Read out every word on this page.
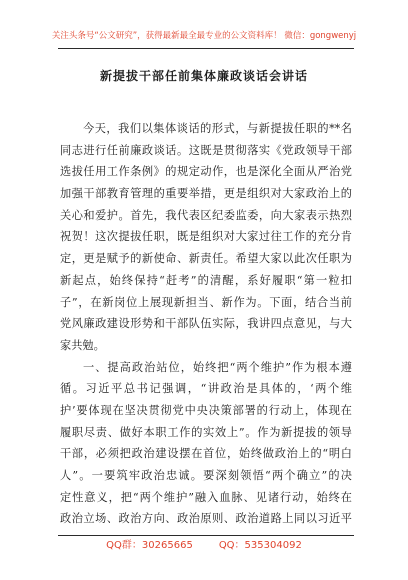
关注头条号“公文研究”，获得最新最全最专业的公文资料库！ 微信：gongwenyj
新提拔干部任前集体廉政谈话会讲话
今天，我们以集体谈话的形式，与新提拔任职的**名
同志进行任前廉政谈话。这既是贯彻落实《党政领导干部
选拔任用工作条例》的规定动作，也是深化全面从严治党
加强干部教育管理的重要举措，更是组织对大家政治上的
关心和爱护。首先，我代表区纪委监委，向大家表示热烈
祝贺！这次提拔任职，既是组织对大家过往工作的充分肯
定，更是赋予的新使命、新责任。希望大家以此次任职为
新起点，始终保持“赶考”的清醒，系好履职“第一粒扣
子”，在新岗位上展现新担当、新作为。下面，结合当前
党风廉政建设形势和干部队伍实际，我讲四点意见，与大
家共勉。
一、提高政治站位，始终把“两个维护”作为根本遵
循。习近平总书记强调，“讲政治是具体的，‘两个维
护’要体现在坚决贯彻党中央决策部署的行动上，体现在
履职尽责、做好本职工作的实效上”。作为新提拔的领导
干部，必须把政治建设摆在首位，始终做政治上的“明白
人”。一要筑牢政治忠诚。要深刻领悟“两个确立”的决
定性意义，把“两个维护”融入血脉、见诸行动，始终在
政治立场、政治方向、政治原则、政治道路上同以习近平
QQ群：30265665	QQ：535304092
